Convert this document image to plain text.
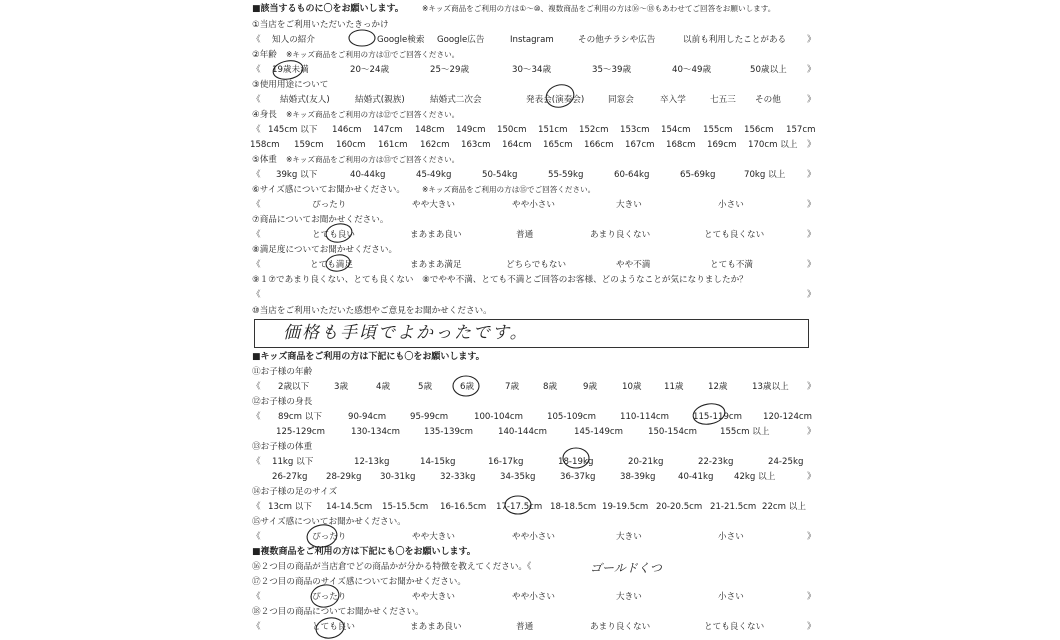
■該当するものに〇をお願いします。 ※キッズ商品をご利用の方は①～⑩、複数商品をご利用の方は⑯～⑱もあわせてご回答をお願いします。
①当店をご利用いただいたきっかけ
《 知人の紹介	Google検索 Google広告	Instagram	その他チラシや広告	以前も利用したことがある 》
②年齢 ※キッズ商品をご利用の方は⑪でご回答ください。
《 19歳未満	20～24歳	25～29歳	30～34歳	35～39歳	40～49歳	50歳以上 》
③使用用途について
《 結婚式(友人)	結婚式(親族)	結婚式二次会	発表会(演奏会)	同窓会	卒入学	七五三 その他	》
④身長 ※キッズ商品をご利用の方は⑫でご回答ください。
《 145cm 以下 146cm 147cm 148cm 149cm 150cm 151cm 152cm 153cm 154cm 155cm 156cm 157cm
158cm 159cm 160cm 161cm 162cm 163cm 164cm 165cm 166cm 167cm 168cm 169cm 170cm 以上 》
⑤体重 ※キッズ商品をご利用の方は⑬でご回答ください。
《 39kg 以下	40-44kg	45-49kg	50-54kg	55-59kg	60-64kg	65-69kg	70kg 以上	》
⑥サイズ感についてお聞かせください。 ※キッズ商品をご利用の方は⑮でご回答ください。
《	ぴったり	やや大きい	やや小さい	大きい	小さい	》
⑦商品についてお聞かせください。
《	とても良い	まあまあ良い	普通	あまり良くない	とても良くない	》
⑧満足度についてお聞かせください。
《	とても満足	まあまあ満足	どちらでもない	やや不満	とても不満	》
⑨１⑦であまり良くない、とても良くない　⑧でやや不満、とても不満とご回答のお客様、どのようなことが気になりましたか？
《	》
⑩当店をご利用いただいた感想やご意見をお聞かせください。
■キッズ商品をご利用の方は下記にも〇をお願いします。
⑪お子様の年齢
《 2歳以下	3歳	4歳	5歳	6歳	7歳	8歳	9歳	10歳	11歳	12歳	13歳以上 》
⑫お子様の身長
《 89cm 以下	90-94cm	95-99cm	100-104cm	105-109cm	110-114cm	115-119cm 120-124cm
125-129cm	130-134cm	135-139cm	140-144cm	145-149cm	150-154cm	155cm 以上	》
⑬お子様の体重
《 11kg 以下	12-13kg	14-15kg	16-17kg	18-19kg	20-21kg	22-23kg	24-25kg
26-27kg 28-29kg 30-31kg	32-33kg	34-35kg	36-37kg	38-39kg	40-41kg 42kg 以上	》
⑭お子様の足のサイズ
《 13cm 以下 14-14.5cm 15-15.5cm 16-16.5cm 17-17.5cm 18-18.5cm 19-19.5cm 20-20.5cm 21-21.5cm 22cm 以上
⑮サイズ感についてお聞かせください。
《	ぴったり	やや大きい	やや小さい	大きい	小さい	》
■複数商品をご利用の方は下記にも〇をお願いします。
⑯２つ目の商品が当店倉でどの商品かが分かる特徴を教えてください。《
⑰２つ目の商品のサイズ感についてお聞かせください。
《	ぴったり	やや大きい	やや小さい	大きい	小さい	》
⑱２つ目の商品についてお聞かせください。
《	とても良い	まあまあ良い	普通	あまり良くない	とても良くない	》
価格も手頃でよかったです。
ゴールドくつ
